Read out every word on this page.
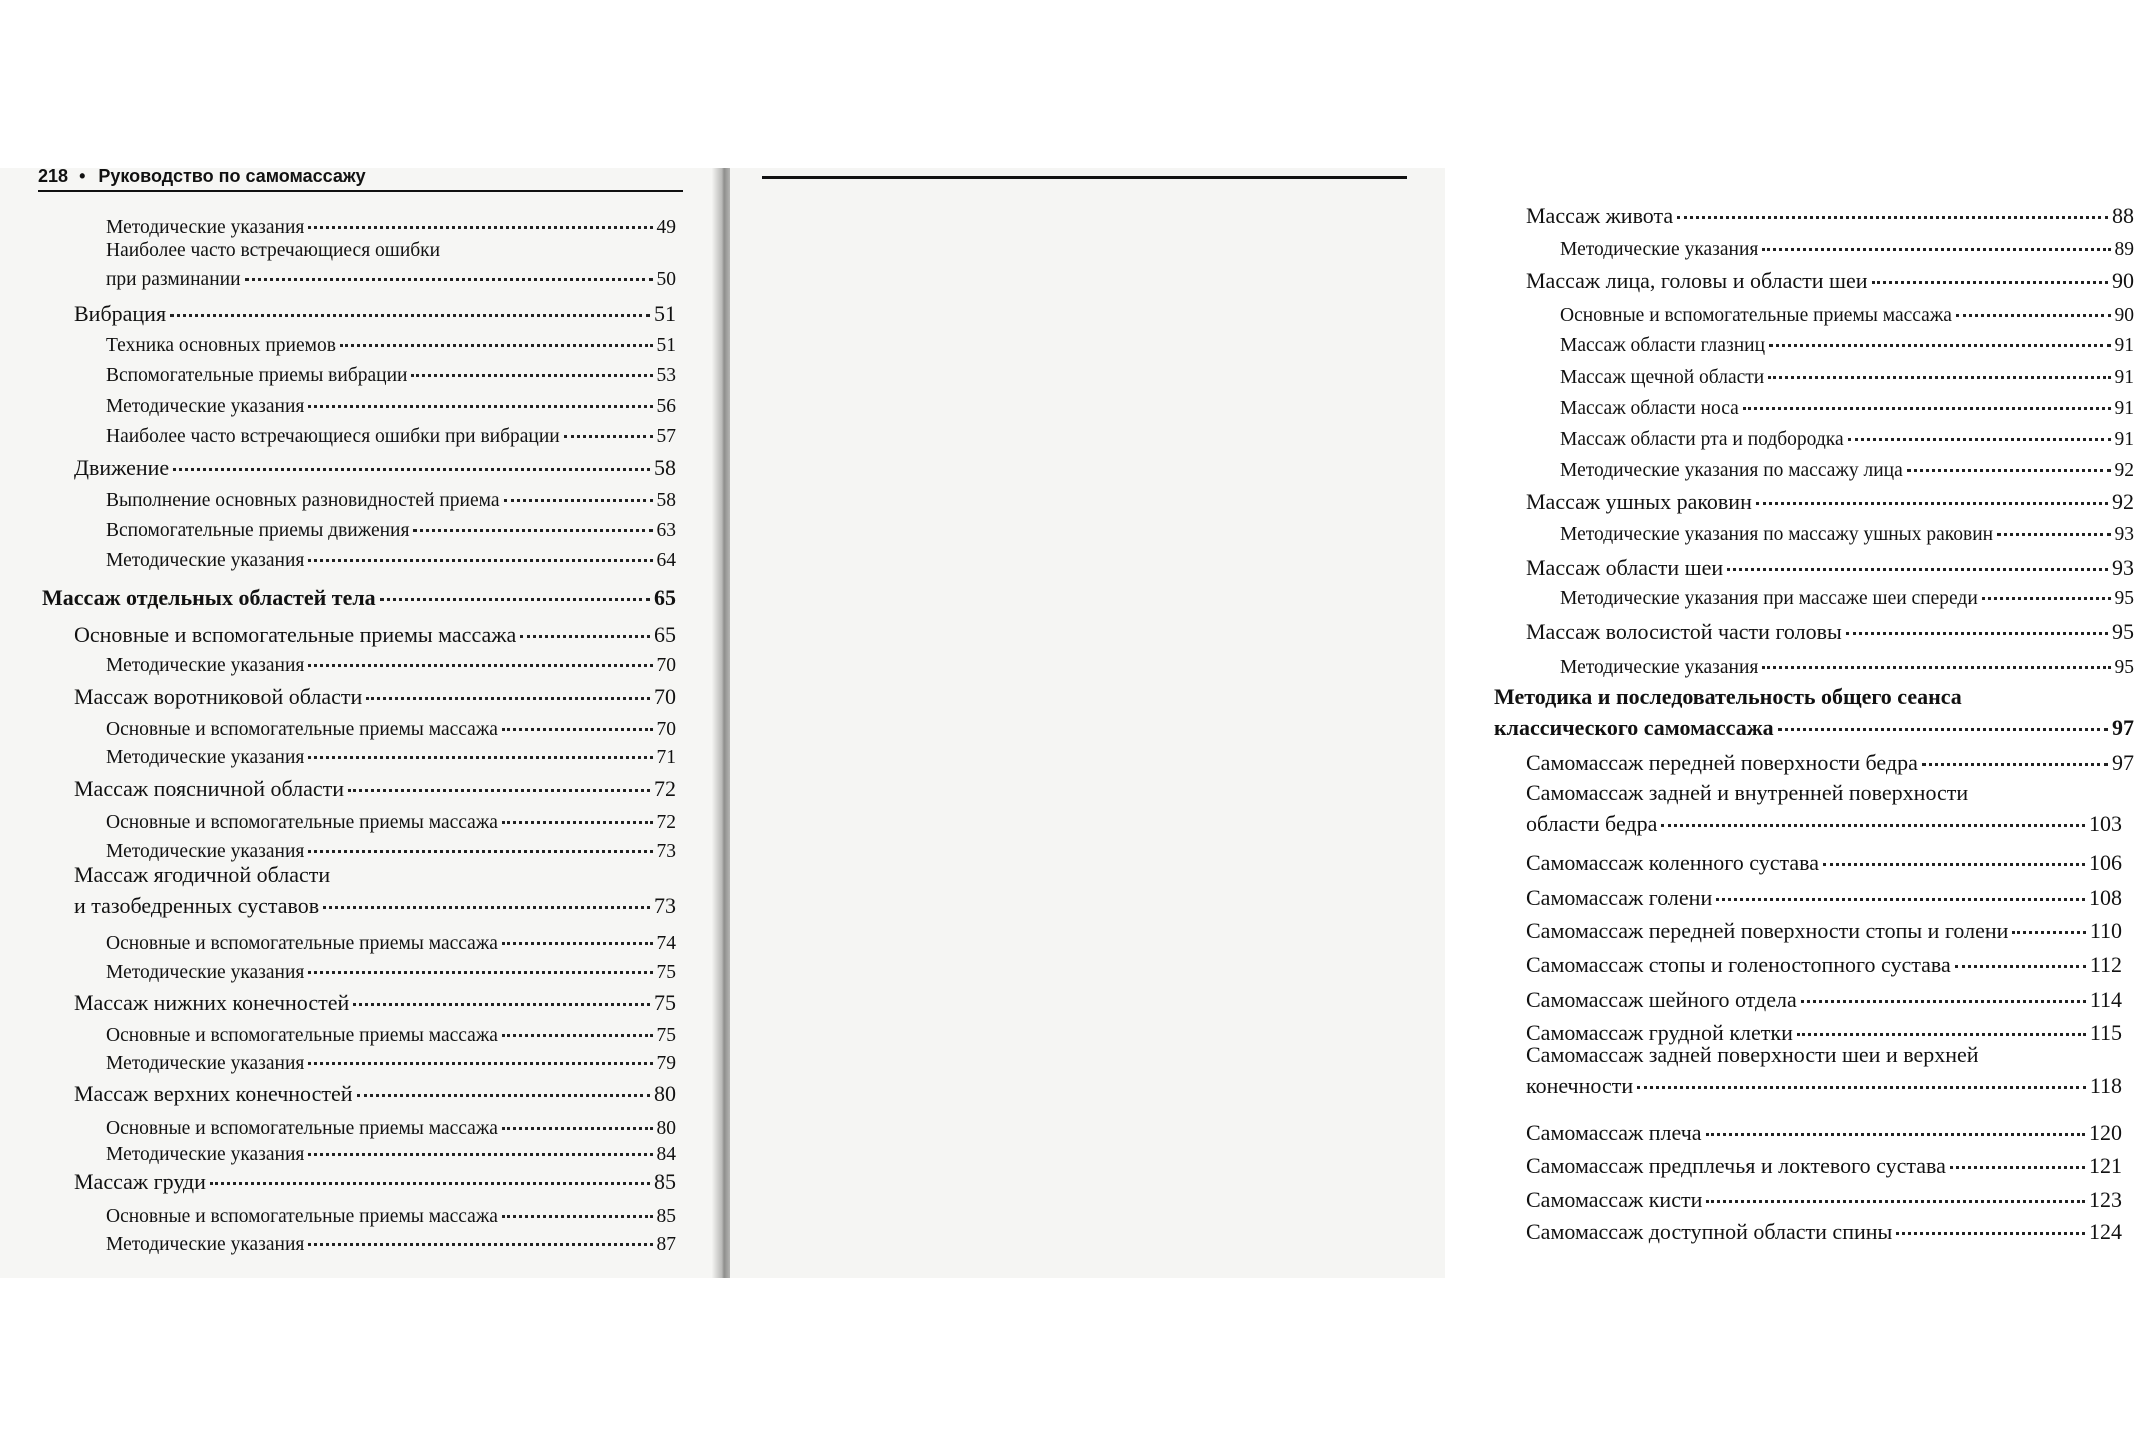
218 • Руководство по самомассажу
Методические указания	49
Наиболее часто встречающиеся ошибки
при разминании	50
Вибрация	51
Техника основных приемов	51
Вспомогательные приемы вибрации	53
Методические указания	56
Наиболее часто встречающиеся ошибки при вибрации	57
Движение	58
Выполнение основных разновидностей приема	58
Вспомогательные приемы движения	63
Методические указания	64
Массаж отдельных областей тела	65
Основные и вспомогательные приемы массажа	65
Методические указания	70
Массаж воротниковой области	70
Основные и вспомогательные приемы массажа	70
Методические указания	71
Массаж поясничной области	72
Основные и вспомогательные приемы массажа	72
Методические указания	73
Массаж ягодичной области
и тазобедренных суставов	73
Основные и вспомогательные приемы массажа	74
Методические указания	75
Массаж нижних конечностей	75
Основные и вспомогательные приемы массажа	75
Методические указания	79
Массаж верхних конечностей	80
Основные и вспомогательные приемы массажа	80
Методические указания	84
Массаж груди	85
Основные и вспомогательные приемы массажа	85
Методические указания	87
Массаж живота	88
Методические указания	89
Массаж лица, головы и области шеи	90
Основные и вспомогательные приемы массажа	90
Массаж области глазниц	91
Массаж щечной области	91
Массаж области носа	91
Массаж области рта и подбородка	91
Методические указания по массажу лица	92
Массаж ушных раковин	92
Методические указания по массажу ушных раковин	93
Массаж области шеи	93
Методические указания при массаже шеи спереди	95
Массаж волосистой части головы	95
Методические указания	95
Методика и последовательность общего сеанса
классического самомассажа	97
Самомассаж передней поверхности бедра	97
Самомассаж задней и внутренней поверхности
области бедра	103
Самомассаж коленного сустава	106
Самомассаж голени	108
Самомассаж передней поверхности стопы и голени	110
Самомассаж стопы и голеностопного сустава	112
Самомассаж шейного отдела	114
Самомассаж грудной клетки	115
Самомассаж задней поверхности шеи и верхней
конечности	118
Самомассаж плеча	120
Самомассаж предплечья и локтевого сустава	121
Самомассаж кисти	123
Самомассаж доступной области спины	124
